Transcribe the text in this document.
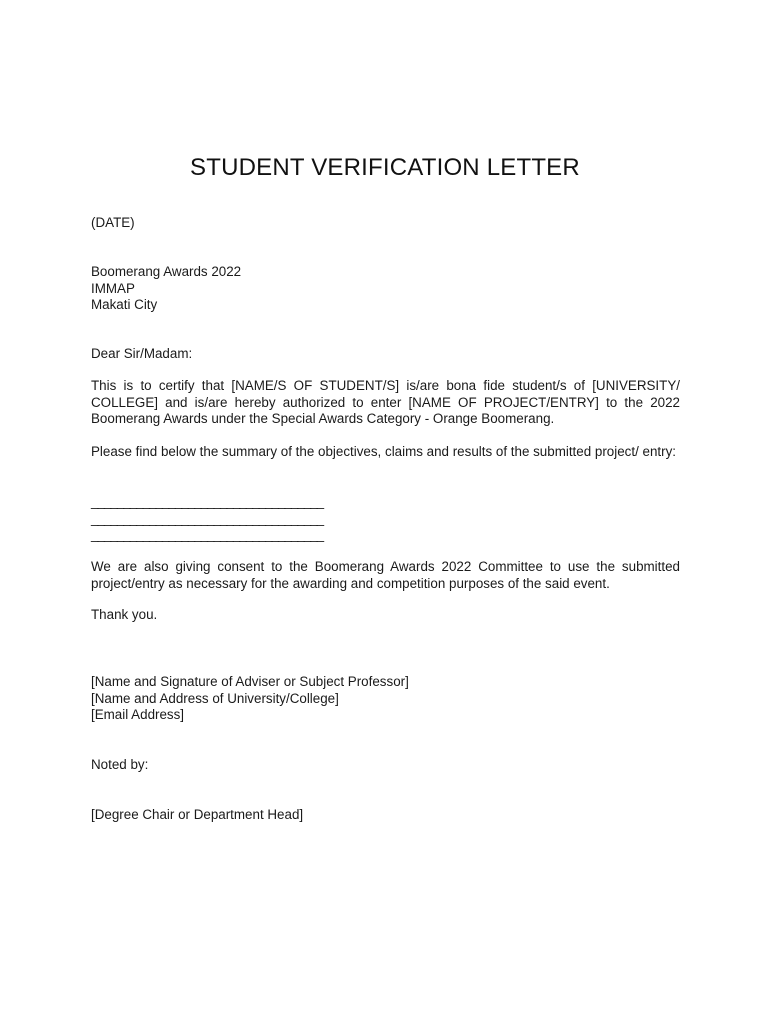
STUDENT VERIFICATION LETTER

(DATE)

Boomerang Awards 2022
IMMAP
Makati City

Dear Sir/Madam:

This is to certify that [NAME/S OF STUDENT/S] is/are bona fide student/s of [UNIVERSITY/ COLLEGE] and is/are hereby authorized to enter [NAME OF PROJECT/ENTRY] to the 2022 Boomerang Awards under the Special Awards Category - Orange Boomerang.

Please find below the summary of the objectives, claims and results of the submitted project/ entry:

____________________________________
____________________________________
____________________________________

We are also giving consent to the Boomerang Awards 2022 Committee to use the submitted project/entry as necessary for the awarding and competition purposes of the said event.

Thank you.

[Name and Signature of Adviser or Subject Professor]
[Name and Address of University/College]
[Email Address]

Noted by:

[Degree Chair or Department Head]
